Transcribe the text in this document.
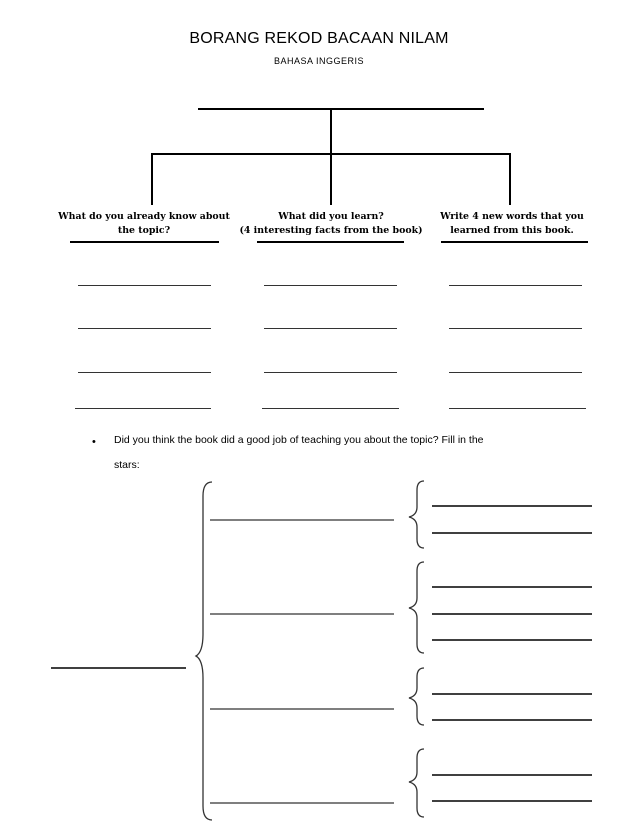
BORANG REKOD BACAAN NILAM
BAHASA INGGERIS
What do you already know about
the topic?
What did you learn?
(4 interesting facts from the book)
Write 4 new words that you
learned from this book.
• Did you think the book did a good job of teaching you about the topic? Fill in the
stars:
